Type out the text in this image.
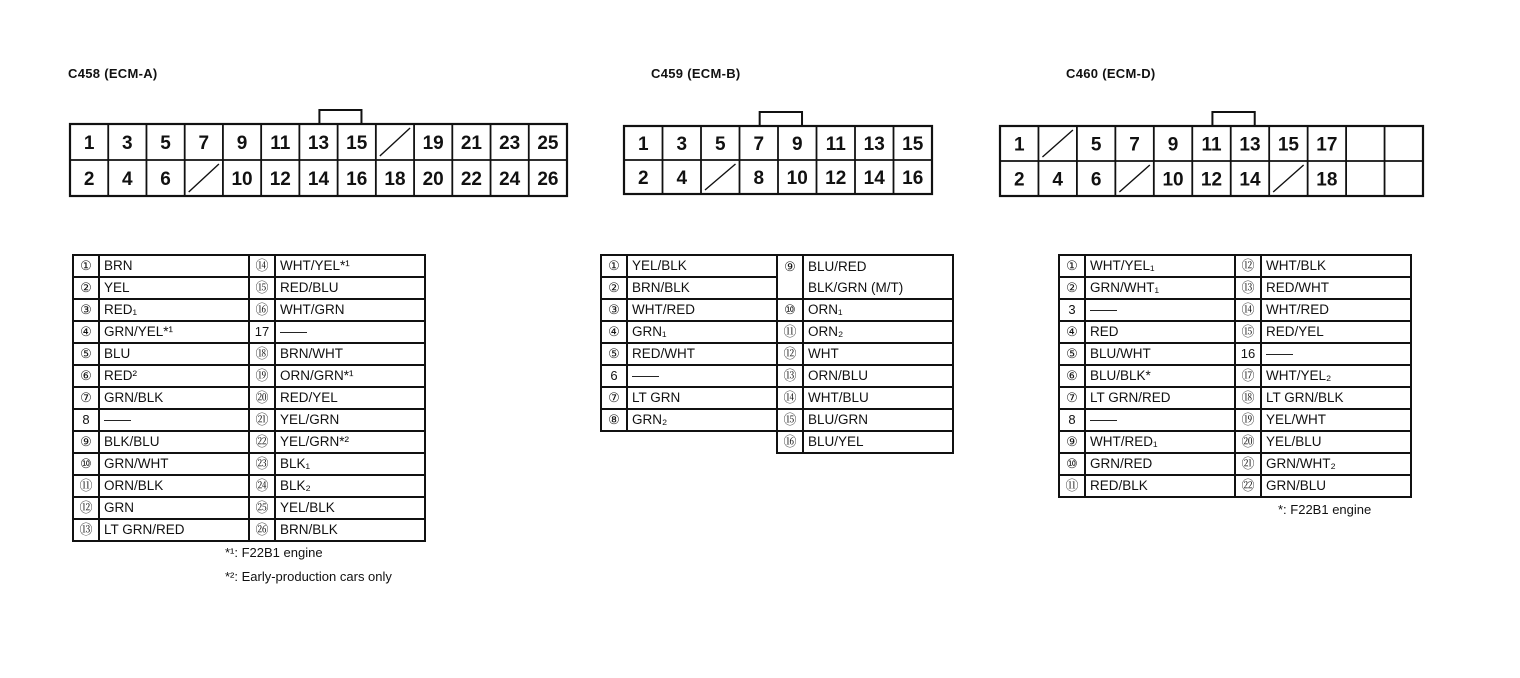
C458 (ECM-A)	C459 (ECM-B)	C460 (ECM-D)
1 3 5 7 9 11 13 15	19 21 23 25
2 4 6	10 12 14 16 18 20 22 24 26
1 3 5 7 9 11 13 15
2 4	8 10 12 14 16
1	5 7 9 11 13 15 17
2 4 6	10 12 14	18
①	BRN	⑭	WHT/YEL*¹
②	YEL	⑮	RED/BLU
③	RED₁	⑯	WHT/GRN
④	GRN/YEL*¹	17	——
⑤	BLU	⑱	BRN/WHT
⑥	RED²	⑲	ORN/GRN*¹
⑦	GRN/BLK	⑳	RED/YEL
8	——	㉑	YEL/GRN
⑨	BLK/BLU	㉒	YEL/GRN*²
⑩	GRN/WHT	㉓	BLK₁
⑪	ORN/BLK	㉔	BLK₂
⑫	GRN	㉕	YEL/BLK
⑬	LT GRN/RED	㉖	BRN/BLK
①	YEL/BLK	⑨	BLU/RED
②	BRN/BLK		BLK/GRN (M/T)
③	WHT/RED	⑩	ORN₁
④	GRN₁	⑪	ORN₂
⑤	RED/WHT	⑫	WHT
6	——	⑬	ORN/BLU
⑦	LT GRN	⑭	WHT/BLU
⑧	GRN₂	⑮	BLU/GRN
		⑯	BLU/YEL
①	WHT/YEL₁	⑫	WHT/BLK
②	GRN/WHT₁	⑬	RED/WHT
3	——	⑭	WHT/RED
④	RED	⑮	RED/YEL
⑤	BLU/WHT	16	——
⑥	BLU/BLK*	⑰	WHT/YEL₂
⑦	LT GRN/RED	⑱	LT GRN/BLK
8	——	⑲	YEL/WHT
⑨	WHT/RED₁	⑳	YEL/BLU
⑩	GRN/RED	㉑	GRN/WHT₂
⑪	RED/BLK	㉒	GRN/BLU
*¹: F22B1 engine
*²: Early-production cars only
*: F22B1 engine
